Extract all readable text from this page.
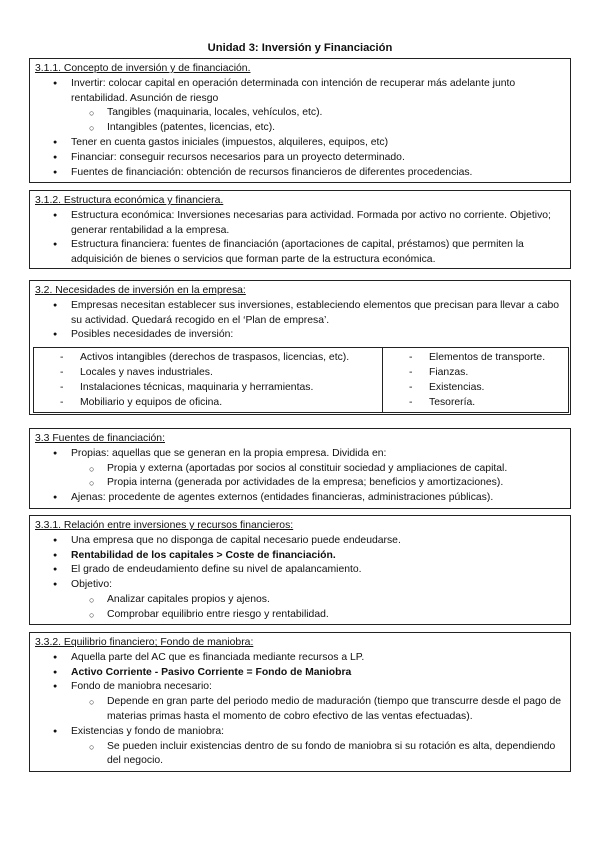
Unidad 3: Inversión y Financiación
3.1.1. Concepto de inversión y de financiación.
● Invertir: colocar capital en operación determinada con intención de recuperar más adelante junto rentabilidad. Asunción de riesgo
○ Tangibles (maquinaria, locales, vehículos, etc).
○ Intangibles (patentes, licencias, etc).
● Tener en cuenta gastos iniciales (impuestos, alquileres, equipos, etc)
● Financiar: conseguir recursos necesarios para un proyecto determinado.
● Fuentes de financiación: obtención de recursos financieros de diferentes procedencias.
3.1.2. Estructura económica y financiera.
● Estructura económica: Inversiones necesarias para actividad. Formada por activo no corriente. Objetivo; generar rentabilidad a la empresa.
● Estructura financiera: fuentes de financiación (aportaciones de capital, préstamos) que permiten la adquisición de bienes o servicios que forman parte de la estructura económica.
3.2. Necesidades de inversión en la empresa:
● Empresas necesitan establecer sus inversiones, estableciendo elementos que precisan para llevar a cabo su actividad. Quedará recogido en el ‘Plan de empresa’.
● Posibles necesidades de inversión:
- Activos intangibles (derechos de traspasos, licencias, etc).
- Locales y naves industriales.
- Instalaciones técnicas, maquinaria y herramientas.
- Mobiliario y equipos de oficina.

- Elementos de transporte.
- Fianzas.
- Existencias.
- Tesorería.
3.3 Fuentes de financiación:
● Propias: aquellas que se generan en la propia empresa. Dividida en:
○ Propia y externa (aportadas por socios al constituir sociedad y ampliaciones de capital.
○ Propia interna (generada por actividades de la empresa; beneficios y amortizaciones).
● Ajenas: procedente de agentes externos (entidades financieras, administraciones públicas).
3.3.1. Relación entre inversiones y recursos financieros:
● Una empresa que no disponga de capital necesario puede endeudarse.
● Rentabilidad de los capitales > Coste de financiación.
● El grado de endeudamiento define su nivel de apalancamiento.
● Objetivo:
○ Analizar capitales propios y ajenos.
○ Comprobar equilibrio entre riesgo y rentabilidad.
3.3.2. Equilibrio financiero; Fondo de maniobra:
● Aquella parte del AC que es financiada mediante recursos a LP.
● Activo Corriente - Pasivo Corriente = Fondo de Maniobra
● Fondo de maniobra necesario:
○ Depende en gran parte del periodo medio de maduración (tiempo que transcurre desde el pago de materias primas hasta el momento de cobro efectivo de las ventas efectuadas).
● Existencias y fondo de maniobra:
○ Se pueden incluir existencias dentro de su fondo de maniobra si su rotación es alta, dependiendo del negocio.
